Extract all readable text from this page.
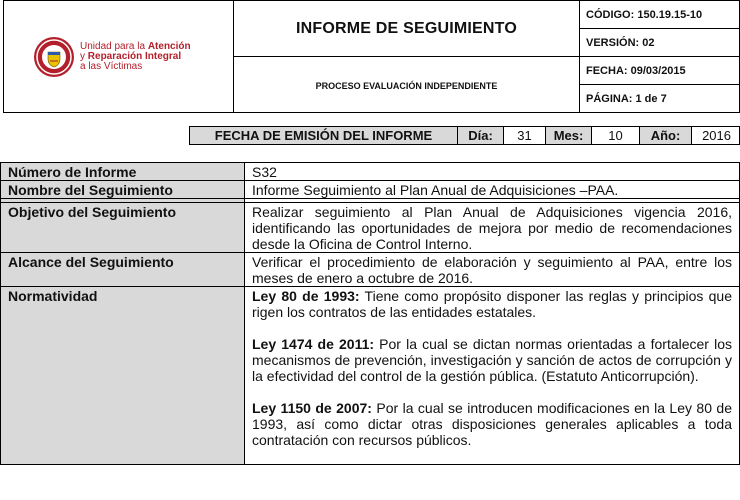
Unidad para la Atención
y Reparación Integral
a las Víctimas	INFORME DE SEGUIMIENTO	CÓDIGO: 150.19.15-10
		VERSIÓN: 02
	PROCESO EVALUACIÓN INDEPENDIENTE	FECHA: 09/03/2015
		PÁGINA: 1 de 7
FECHA DE EMISIÓN DEL INFORME	Día:	31	Mes:	10	Año:	2016
Número de Informe	S32
Nombre del Seguimiento	Informe Seguimiento al Plan Anual de Adquisiciones –PAA.

Objetivo del Seguimiento	Realizar seguimiento al Plan Anual de Adquisiciones vigencia 2016, identificando las oportunidades de mejora por medio de recomendaciones desde la Oficina de Control Interno.
Alcance del Seguimiento	Verificar el procedimiento de elaboración y seguimiento al PAA, entre los meses de enero a octubre de 2016.
Normatividad	Ley 80 de 1993: Tiene como propósito disponer las reglas y principios que rigen los contratos de las entidades estatales.

Ley 1474 de 2011: Por la cual se dictan normas orientadas a fortalecer los mecanismos de prevención, investigación y sanción de actos de corrupción y la efectividad del control de la gestión pública. (Estatuto Anticorrupción).

Ley 1150 de 2007: Por la cual se introducen modificaciones en la Ley 80 de 1993, así como dictar otras disposiciones generales aplicables a toda contratación con recursos públicos.
